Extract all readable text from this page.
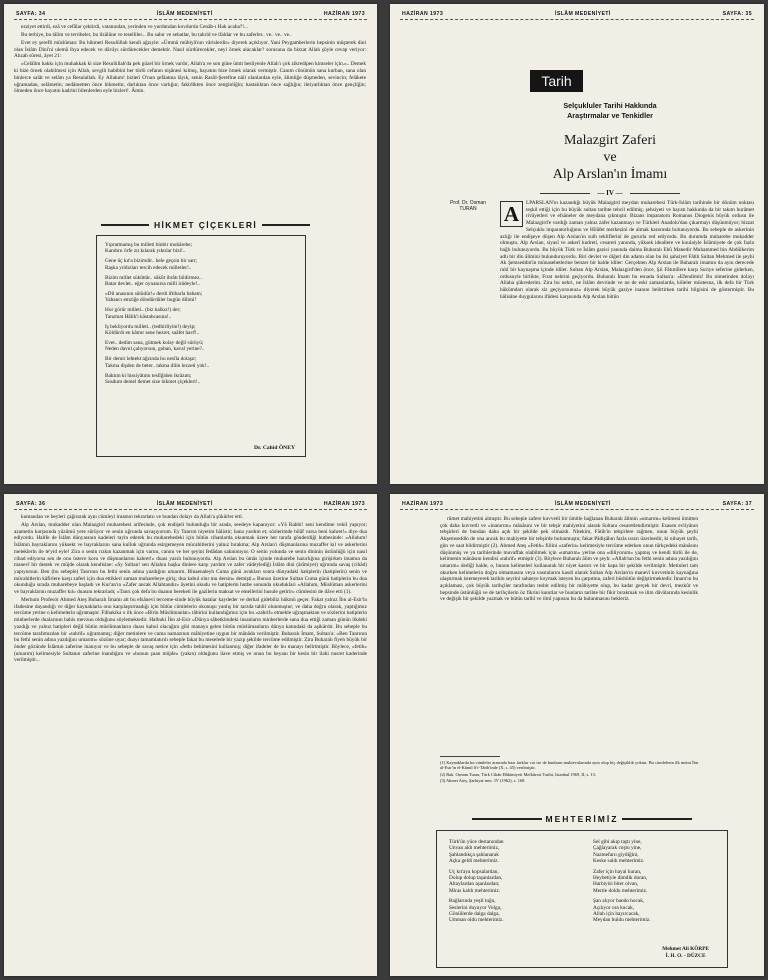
SAYFA: 34	İSLÂM MEDENİYETİ	HAZİRAN 1973

ezziyet ettirdi, ezâ ve cefâlar çektirdi, vatanından, yerinden ve yurdundan kovdurdu Cenâb-ı Hak acaba?!...

Bu terbiye, bu tâlim ve terriheler, bu ilzâlüne ve teselliler... Bu sabır ve sebatlar, bu tahrid ve ifaldar ve bu zaferler.. ve.. ve.. ve..

Evet ey şerefli müslüman: Bu hikmeti Resulüllah kendi ağzıyle: «Ümmü mübiyâ'nın vârislerdir» diyerek açıklıyor. Yani Peygamberlerin hepsinin müşterek dini olan İslâm Dini'ni ulemâ ihya edecek ve dâvâyı sürdürecekler demektir. Nasıl sürdürecekler, neyi örnek alacaklar? sorusuna da bizzat Allah şöyle cevap veriyor: Ahzab sûresi, âyet 21:

«Celâlim hakkı için muhakkak ki size Resulüllah'da pek güzel bir örnek vardır, Allah'a ve son güne ümit besliyenle Allah'ı çok zikredipen kimseler için.».. Demek ki bize örnek olabilmesi için Allah, sevgili habibini her türlü cefanın nişânesi kılmış, hayatını bize örnek olarak vermiştir. Canım cönümün sana kurban, sana olan binlerce salât ve selâm ya Resulallah. Ey Allahım! bizleri O'nun şefâatına lâyık, senin Rasûl-Şerefine nâil olanlardan eyle, âlimliğe düşmeden, sevincin; felâkete uğramadan, selâmetin; nedâmetten önce hikmetin; darlıktan önce varlığın; fakirlikten önce zenginliğin; hastalıktan önce sağlığın; ihtiyarlıktan önce gençliğin; ölmeden önce hayatın kadrini bilenlerden eyle bizleri!. Âmin.

HİKMET ÇİÇEKLERİ
Yıpratmamış bu milleti binbir muhârebe;
Kandırıı örfe zıt kılarak yıktılar bizi!..
Gene üç kıt'a bizimdir.. hele geçsin bir sarr;
Başka yıldızları tercih edecek milletler!..
Bizim millet sükûttâr.. sükût ibrâtı bildirmez..
Batar devlet.. eğer oynanırsa milli irâdeyle!..
«Dil anasının sütüdür!» derdi iftiharla babam;
Yabancı emziğe döndürdüler bugün dilimi!
Hor görür milleti.. (biz halkız!) der;
Tanzmat Hâlik'i kâstahcasına!..
İş bekliyordu milleti.. (tedbirliyim!) deyip;
Köldürdi en kâmır sene hezret, saâfet havf!..
Evet.. dedim sana, gütmek kolay değil sürüyü;
Neden davul çalıyorsun, goban, kaval yerine?..
Bir demir lehtekt ağzında bu nesîla dolaşır;
Takma dişden de beter.. takma dilin lezzeti yok!..
Baktım ki hissiyâtımı teslîğiden ikrâzım;
Susdum demel demet size hikmet çiçekleri!..
Dr. Cahid ÖNEY
HAZİRAN 1973	İSLÂM MEDENİYETİ	SAYFA: 35
Tarih
Selçukluler Tarihi Hakkında
Araştırmalar ve Tenkidler
Malazgirt Zaferi
ve
Alp Arslan'ın İmamı
— IV —
Prof. Dr. Osman
TURAN	A	LPARSLAN'ın kazandığı büyük Malazgird meydan muharebesi Türk-İslâm tarihinde bir dönüm noktası teşkil ettiği için bu büyük sultan tarihte tebcil edilmiş; şehsiyeti ve hayatı hakkında da bir takım hurâmet rivâyetleri ve efsâneler de meydana çıkmıştır. Bizans imparatoru Romanos Diogenis büyük ordusu ile Malazgird'e vardığı zaman yalnız zafer kazanmayı ve Türkleri Anadolu'dan çıkarmayı düşünmüyor; bizzat Selçuklu imparatorluğunu ve Hilâfet merkezini de almak kararında bulunuyordu. Bu sebeple de askerinin azlığı ile endişeye düşen Alp Arslan'ın sulh tekliflerini de gururla red ediyordu. Bu durumda muharebe mukadder olmuştu. Alp Arslan, siyasî ve askerî kudreti, cesareti yanında, yüksek ideallere ve kuulaiyle İslâmiyete de çok fazla bağlı bulunuyordu. Bu büyük Türk ve İslâm gazisi yanında daima Buharalı Ebû Manedir Muhammed bin Abdülkerim adlı bir din âlimini bulunduruyordu. Biri devlet ve diğeri din adamı olan bu iki şahsiyet Fâtih Sultan Mehmed ile şeyhi Ak Şemseddin'in münasebetlerine benzer bir halde idiler: Gerçekten Alp Arslan ile Buharalı imamın da aynı derecede ruhî bir kaynaşma içinde idiler. Sultan Alp Arslan, Malazgird'den önce, Şii Fâtımîlere karşı Suriye seferine giderken, ordusuyle birlikte, Fırat nehrini geçiyordu. Buharalı İmam bu esnada Sultan'a: «Efendimiz! Bu nimetinden dolayı Allaha şükrederim. Zira bu nehri, ne İslâm devrinde ve ne de eski zamanlarda, köleler müstesna, ilk defa bir Türk hükümdarı olarak siz geçiyorsunuz» diyerek büyük gaziye inanını belirtirken tarihi bilgisini de göstermiştir. Bu hâlisâne duygularını ifâdesi karşısında Alp Arslan bütün
SAYFA: 36	İSLÂM MEDENİYETİ	HAZİRAN 1973

kumandan ve beyleri çağırarak aynı cümleyi imamın tekrarlatıı ve bundan dolayı da Allah'a şükürler etti.

Alp Arslan, mukadder olan Malazgird muharebesi arifesinde, çok endişeli bulunduğu bir arada, seedeye kapanıyor: «Yâ Rabbi! seni kendime vekil yapıyor; azametin karşısında yüzümü yere sürüyor ve senin uğrunda savaşıyorum. Ey Tanrım niyetim hâlistir; bana yardım et; sözlerimde hilâf varsa beni kahret!» diye dua ediyordu. Halife de İslâm dünyasının kadeleri tayin ederek bu muharebedeki için bütün cihanlarda okunmak üzere her tarafa gönderdiği hutbesinde: «Allahım! İslâmın bayraklarını yüksekt ve bayraklarını sana kulluk uğrunda esirgemeyen mücahitlerini yalnız bırakma; Alp Arslan'ı düşmanlarına muzaffer kıl ve askerlerini meleklerin ile te'yid eyle! Zira o senin rızkın kazanmak için varını, canını ve her şeyini fedâdan sakınmıyor. O senin yolunda ve senin dininin üstünlüğü için nasıl cihad ediyorsa sen de onu üstece koru ve düşmanlarını kahret!» duası yazılı bulunuyordu. Alp Arslan bu ümâs içinde muharebe hazırlığına girişirken imamın da manevî bir destek ve müjde olarak kendisine: «Sy Sultan! sen Allahın başka dinlere karşı yardım ve zafer vâdeylediği İslâm dini (âsîmiyet) uğrunda savaş (cihâd) yapıyorsun. Ben (bu sebeple) Tanrının bu fethi senin adına yazdığını umarım. Binaenaleyh Cuma günü avukları sonra dünyadaki hatiplerin (hatiplerin) senin ve mücahitlerin kâfirlere karşı zaferi için dua ettikleri zaman muharebeye giriş; dua kabul olur mu dersin» demişti.» Bunun üzerine Sultan Cuma günü hatiplerin bu dua okunduğu sırada muharebeye başladı ve Kur'an'ın «Zafer ancak Allahtandır» âyetini okudu ve hatiplerin hutbe sonunda okudukları «Allahım, Müslüman askerlerini ve bayraklarını muzaffer kıl» duasını tekrarladı; «Tanrı çok defa bu duanın bereketi ile gazilerin maksat ve emellerini husule getirir» cümlesini de ilâve etti (1).

Merhum Profesör Ahmed Ateş Buharalı İmamı alt bu efsânevi terceme-sinde büyük hatalar kaydeder ve derhal gidebiliz hükmü geçer. Fakat yalnız İbn al-Esir'in ifadesine dayandığı ve diğer kaynaklarla onu karşılaştırmadığı için bütün cümlelerin okunuşu yanlış bir tarzda tahlil olunmuştur; ve daha doğru olarak, yaptığımız tercüme yerine o kelimelerin uğramaştır. Filhakika o ilk önce «Birin Müslümanlar» tâbirini kullandığımız için bu «zahrif» etmekle uğraşmaktan ve sözlerini hatiplerin minberlerde dualarının bahis mevzuu olduğunu söylemektedir. Halbuki İbn al-Esir «Dünya sâbetkimdeki insanların minberlerde sana dua ettiği zaman günün ilkdeki yazdığı ve yalnız hatipleri değil bütün müslümanların duası kabul olacağını gibi manaya gelen bütün müslümanların dünya katındaki da aşikârdır. Bu sebeple bu tercüme tarafımızdan bir «tahrif» uğramamış; diğer metinlere ve cuma namazının mâhiyetine uygun bir mânâda verilmiştir. Buharalı İmam, Sultan'a: «Ben Tanrının bu fethi senin adına yazdığını umarım» sözüne uyar; duayı tamamlatırılı sebeple fakat bu meselede bir yazıp şekilde tercüme edilmiştir. Zira Buharalı fiyeh büyük bir önder gözünde İslâmın zaferine inanıyor ve bu sebeple de savaş netice için «fethı behimesini kullanmış; diğer ifadeler de bu manayı belirtmiştir. Böylece, «fetih» (umarım) kelimesiyle Sultanın zaferine inandığını ve «bunun şuan müjde» (yakın) olduğunu ilave etmiş ve onun bu beyanı bir kesin bir ilahi nusret kaderinde verilmiştir...

HAZİRAN 1973	İSLÂM MEDENİYETİ	SAYFA: 37

rûmet mahiyetini almıştır. Bu sebeple zafere kuvvetli bir ümitle bağlanan Buharalı âlimin «umarım» kelimesi ümitten çok daha kuvvetli ve «inanırım» mânâsını ve bir tebşir mahiyetini alarak Sultanı cesaretlendirmiştir. Esasen evliyânın tebşirleri de bundan daha açık bir şekilde pek olmazdı. Nitekim, Fâtih'in tebşirlere rağmen, onun büyük şeyhi Akşemseddin de ona ancak bu mahiyette bir tebşirde bulunmuştu; fakat Pâdişâhın fazla ısrarı üzerinedir, ki nihayet tarih, gün ve saat bildirmiştir (2). Ahmed Ateş «Fetih» fiilini «zaferin» kelimesiyle tercüme ederken onun türkçedeki mânâsını düşünmüş ve ya tarihlerinde muvaffak olabilmek için «umarım» yerine ona «diliyorum» yapmış ve kendi türlü ile de, kelimenin mânâsını kendisi «tahrif» etmiştir (3). Böylece Buharalı âlim ve şeyh: «Allah'tan bu fethi senin adına yazdığını umarım» dediği halde, o, bunun kelimeleri kullanarak bir niyet kastırı ve bir kapa bir şekilde verilmiştir. Metinleri tam okurken kelimelerin doğru olmamasını veya vasıtalarını kasdi olarak Sultan Alp Arslan'ın manevî kuvvetinin kaynağına ulaştırmak istemeyerek tarihin seyrini sahneye koymak isteyen bu çarpıtma, zaferi büsbütün değiştirmektedir. İmam'ın bu açıklaması, çok büyük tarihçiler tarafından tesbit edilmiş bir mâhiyette olup, bu kadar gerçek bir devri, mezkûr ve hepsinde üstünlüğü ve de tarihçilerin öz fikrini kanıtlar ve bunların tarihte bir fikir bırakmak ve ilim dâvâlarında kesinlik ve değişik bir şekilde yazmak ve bütün tarihî ve ilmî yapısını bu da bulunmasını bekleriz.

(1) Kaynaklarda bu cümleler arasında bazı farklar var ise de bunların muhtevalarında aynı olup hiç değişiklik yoktur. Bu cümlelerin ilk metni İbn al-Esir'in el-Kâmil fi't-Târih'inde (X, s. 45) verilmiştir.
(2) Bak. Osman Turan, Türk Cihân Hâkimiyeti Mefkûresi Tarihi, İstanbul 1969, II, s. 13.
(3) Ahmet Ateş, Şarkiyat mec. IV (1962), s. 168.
MEHTERİMİZ
Türk'ün yüce destanından
Ünvan aldı mehterimiz,
Şahlandıkça şahlanarak
Açka geldi mehterimiz.
Üç kıt'aya kopsalardan,
Dolup dolup taşanlardan,
Altaylardan aşanlardan;
Miras kaldı mehterimiz.
Bağlarında yeşil tuğu,
Seslerini duyuyor Volga,
Gönüllerde dalga dalga,
Umman oldu mehterimiz.
Sel gibi akıp taştı yine,
Çağlayarak coştu yine,
Nazmefarıı giydiğini,
Keske saldı mehterimiz.
Zafer için hayal kuran,
Heybetiyle dimdik duran,
Harbiyisi biter olvan,
Mertle doldu mehterimiz.
Şan alıyor bando hocak,
Açılıyor ora kucak,
Allah için hayırcacak,
Meydan buldu mehterimiz.
Mehmet Ali KÖRPE
İ. H. O. - DÜZCE
